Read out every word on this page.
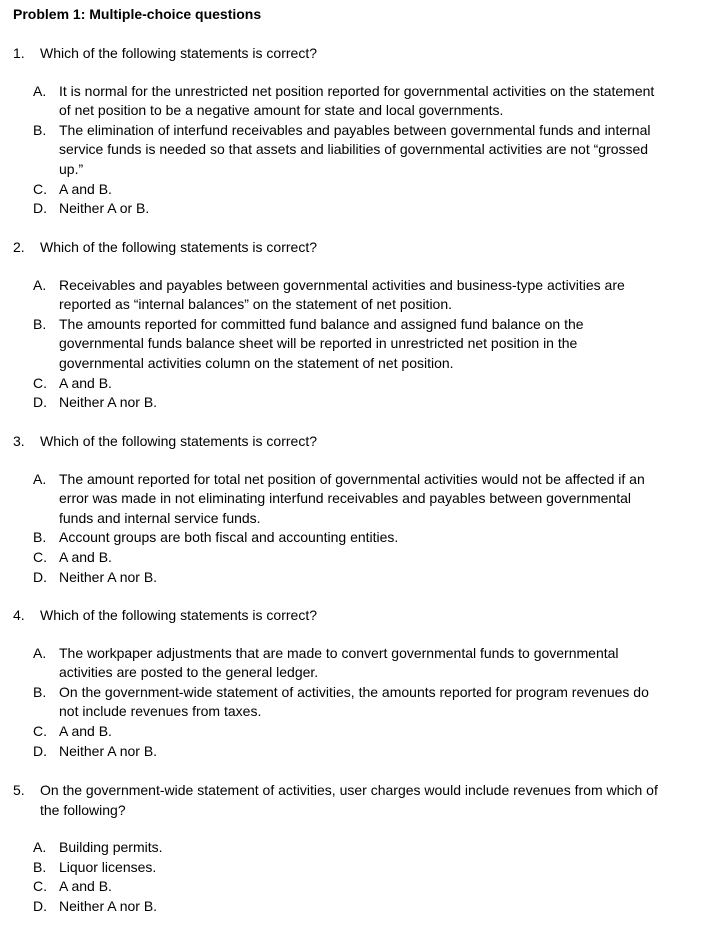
Problem 1: Multiple-choice questions
1.	Which of the following statements is correct?
A. It is normal for the unrestricted net position reported for governmental activities on the statement of net position to be a negative amount for state and local governments.
B. The elimination of interfund receivables and payables between governmental funds and internal service funds is needed so that assets and liabilities of governmental activities are not “grossed up.”
C. A and B.
D. Neither A or B.
2.	Which of the following statements is correct?
A. Receivables and payables between governmental activities and business-type activities are reported as “internal balances” on the statement of net position.
B. The amounts reported for committed fund balance and assigned fund balance on the governmental funds balance sheet will be reported in unrestricted net position in the governmental activities column on the statement of net position.
C. A and B.
D. Neither A nor B.
3.	Which of the following statements is correct?
A. The amount reported for total net position of governmental activities would not be affected if an error was made in not eliminating interfund receivables and payables between governmental funds and internal service funds.
B. Account groups are both fiscal and accounting entities.
C. A and B.
D. Neither A nor B.
4.	Which of the following statements is correct?
A. The workpaper adjustments that are made to convert governmental funds to governmental activities are posted to the general ledger.
B. On the government-wide statement of activities, the amounts reported for program revenues do not include revenues from taxes.
C. A and B.
D. Neither A nor B.
5.	On the government-wide statement of activities, user charges would include revenues from which of the following?
A. Building permits.
B. Liquor licenses.
C. A and B.
D. Neither A nor B.
